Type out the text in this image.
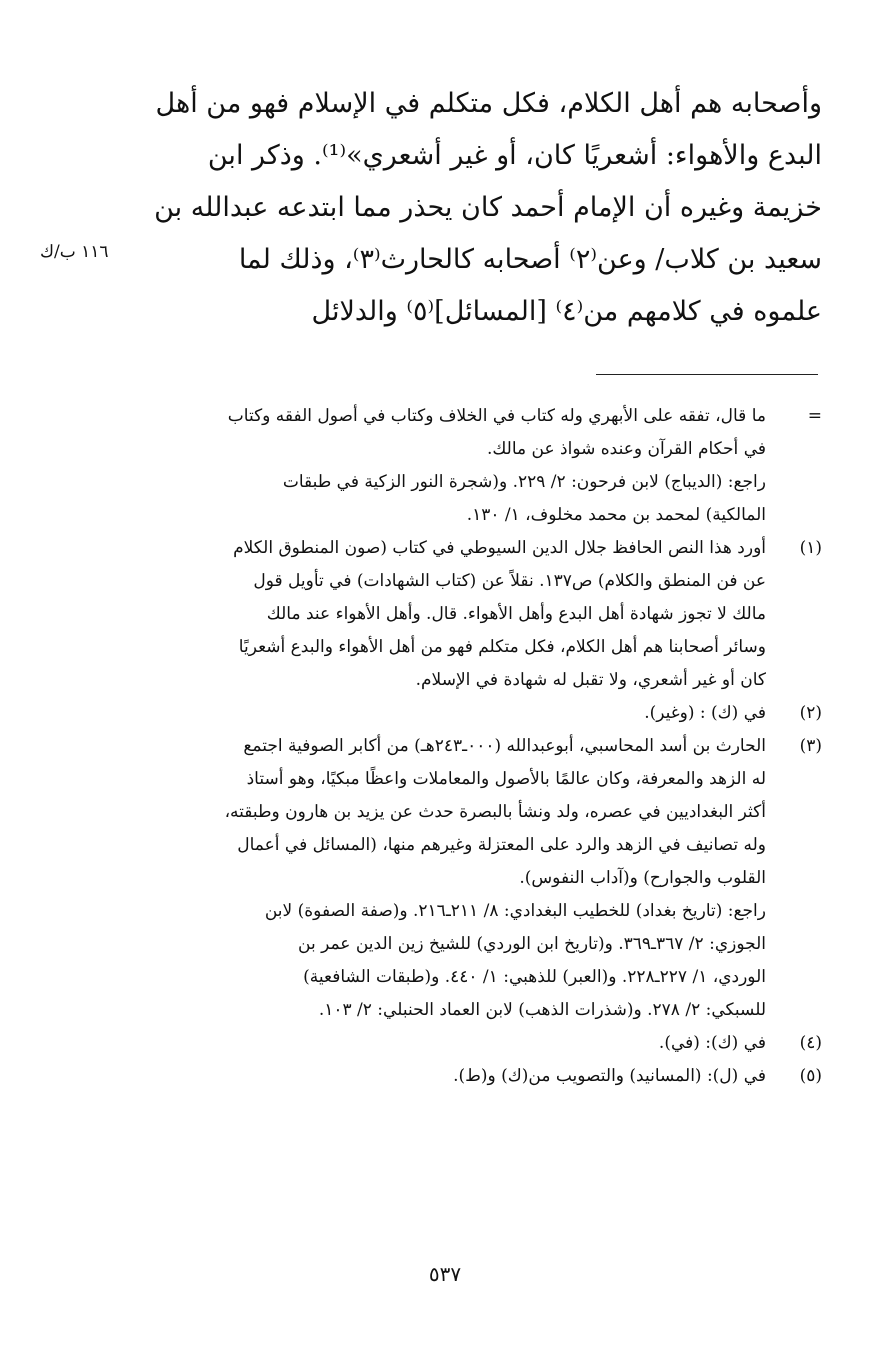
وأصحابه هم أهل الكلام، فكل متكلم في الإسلام فهو من أهل
البدع والأهواء: أشعريًا كان، أو غير أشعري»⁽¹⁾. وذكر ابن
خزيمة وغيره أن الإمام أحمد كان يحذر مما ابتدعه عبدالله بن
سعيد بن كلاب/ وعن⁽٢⁾ أصحابه كالحارث⁽٣⁾، وذلك لما
علموه في كلامهم من⁽٤⁾ [المسائل]⁽٥⁾ والدلائل
١١٦ ب/ك
=
ما قال، تفقه على الأبهري وله كتاب في الخلاف وكتاب في أصول الفقه وكتاب
في أحكام القرآن وعنده شواذ عن مالك.
راجع: (الديباج) لابن فرحون: ٢/ ٢٢٩. و(شجرة النور الزكية في طبقات
المالكية) لمحمد بن محمد مخلوف، ١/ ١٣٠.
(١)
أورد هذا النص الحافظ جلال الدين السيوطي في كتاب (صون المنطوق الكلام
عن فن المنطق والكلام) ص١٣٧. نقلاً عن (كتاب الشهادات) في تأويل قول
مالك لا تجوز شهادة أهل البدع وأهل الأهواء. قال. وأهل الأهواء عند مالك
وسائر أصحابنا هم أهل الكلام، فكل متكلم فهو من أهل الأهواء والبدع أشعريًا
كان أو غير أشعري، ولا تقبل له شهادة في الإسلام.
(٢)
في (ك) : (وغير).
(٣)
الحارث بن أسد المحاسبي، أبوعبدالله (٠٠٠ـ٢٤٣هـ) من أكابر الصوفية اجتمع
له الزهد والمعرفة، وكان عالمًا بالأصول والمعاملات واعظًا مبكيًا، وهو أستاذ
أكثر البغداديين في عصره، ولد ونشأ بالبصرة حدث عن يزيد بن هارون وطبقته،
وله تصانيف في الزهد والرد على المعتزلة وغيرهم منها، (المسائل في أعمال
القلوب والجوارح) و(آداب النفوس).
راجع: (تاريخ بغداد) للخطيب البغدادي: ٨/ ٢١١ـ٢١٦. و(صفة الصفوة) لابن
الجوزي: ٢/ ٣٦٧ـ٣٦٩. و(تاريخ ابن الوردي) للشيخ زين الدين عمر بن
الوردي، ١/ ٢٢٧ـ٢٢٨. و(العبر) للذهبي: ١/ ٤٤٠. و(طبقات الشافعية)
للسبكي: ٢/ ٢٧٨. و(شذرات الذهب) لابن العماد الحنبلي: ٢/ ١٠٣.
(٤)
في (ك): (في).
(٥)
في (ل): (المسانيد) والتصويب من(ك) و(ط).
٥٣٧
